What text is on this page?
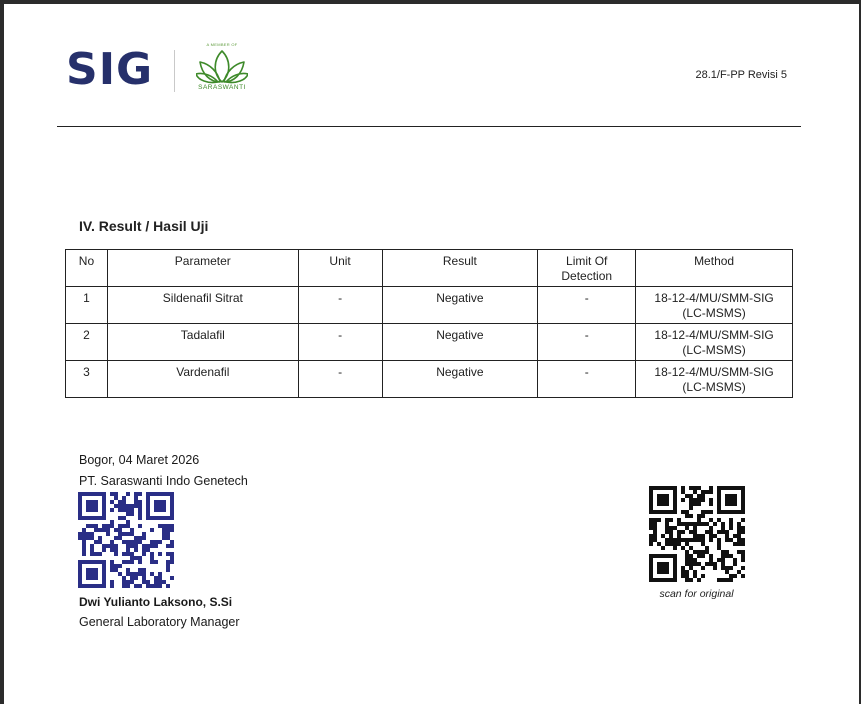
SIG	A MEMBER OF
SARASWANTI
28.1/F-PP Revisi 5
IV. Result / Hasil Uji
No	Parameter	Unit	Result	Limit Of
Detection	Method
1	Sildenafil Sitrat	-	Negative	-	18-12-4/MU/SMM-SIG
(LC-MSMS)
2	Tadalafil	-	Negative	-	18-12-4/MU/SMM-SIG
(LC-MSMS)
3	Vardenafil	-	Negative	-	18-12-4/MU/SMM-SIG
(LC-MSMS)
Bogor, 04 Maret 2026
PT. Saraswanti Indo Genetech
Dwi Yulianto Laksono, S.Si
General Laboratory Manager
scan for original
